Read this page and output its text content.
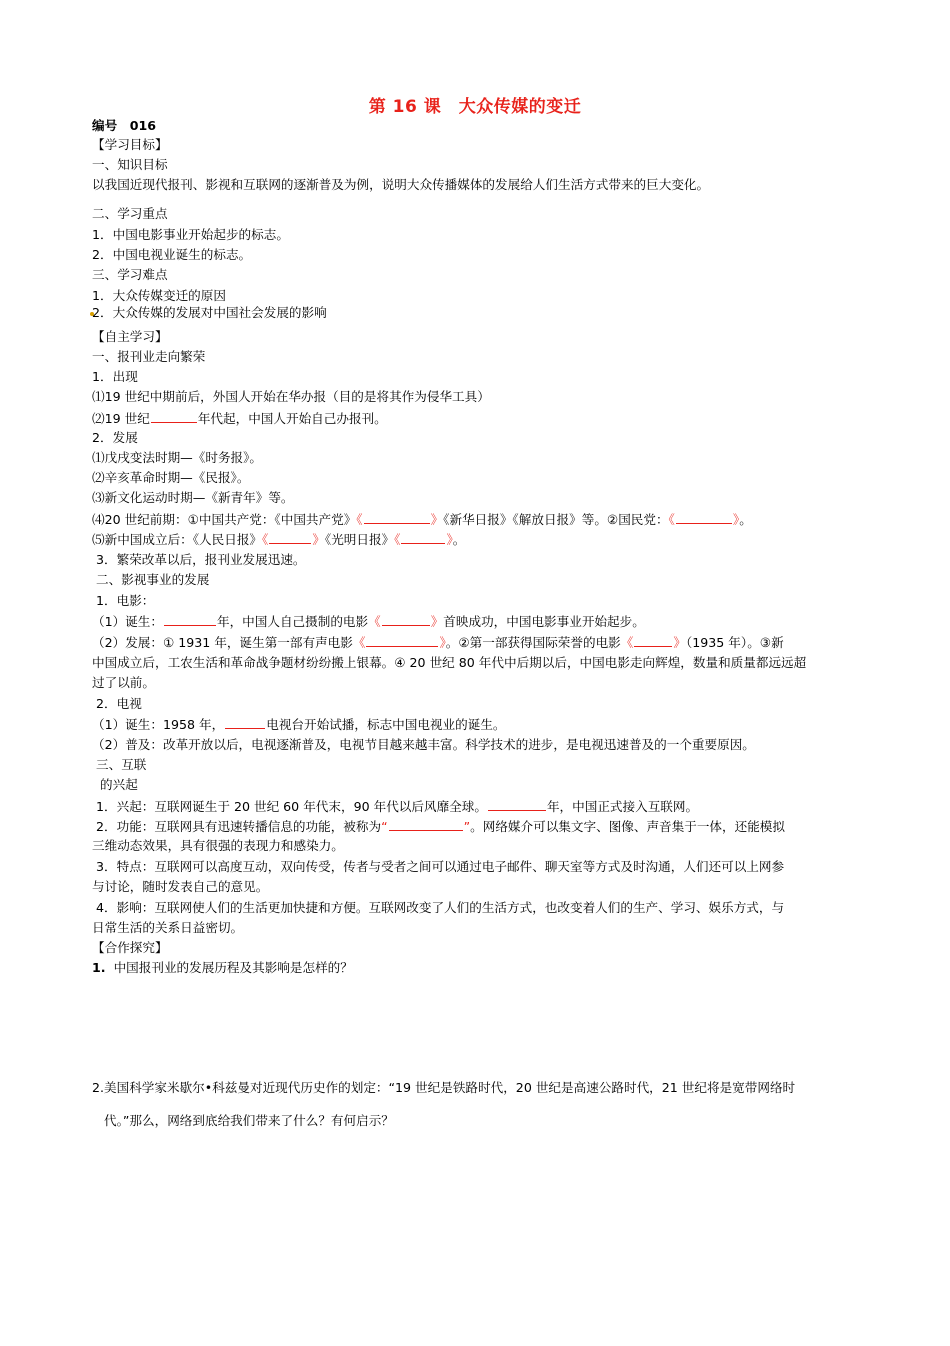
第 16 课　大众传媒的变迁
编号　016
【学习目标】
一、知识目标
以我国近现代报刊、影视和互联网的逐渐普及为例，说明大众传播媒体的发展给人们生活方式带来的巨大变化。
二、学习重点
1．中国电影事业开始起步的标志。
2．中国电视业诞生的标志。
三、学习难点
1．大众传媒变迁的原因
2．大众传媒的发展对中国社会发展的影响
【自主学习】
一、报刊业走向繁荣
1．出现
⑴19 世纪中期前后，外国人开始在华办报（目的是将其作为侵华工具）
⑵19 世纪	年代起，中国人开始自己办报刊。
2．发展
⑴戊戌变法时期—《时务报》。
⑵辛亥革命时期—《民报》。
⑶新文化运动时期—《新青年》等。
⑷20 世纪前期：①中国共产党：《中国共产党》《	》《新华日报》《解放日报》等。②国民党：《	》。
⑸新中国成立后：《人民日报》《	》《光明日报》《	》。
3．繁荣改革以后，报刊业发展迅速。
二、影视事业的发展
1．电影：
（1）诞生：	年，中国人自己摄制的电影《	》首映成功，中国电影事业开始起步。
（2）发展：① 1931 年，诞生第一部有声电影《	》。②第一部获得国际荣誉的电影《	》（1935 年）。③新
中国成立后，工农生活和革命战争题材纷纷搬上银幕。④ 20 世纪 80 年代中后期以后，中国电影走向辉煌，数量和质量都远远超
过了以前。
2．电视
（1）诞生：1958 年，	电视台开始试播，标志中国电视业的诞生。
（2）普及：改革开放以后，电视逐渐普及，电视节目越来越丰富。科学技术的进步，是电视迅速普及的一个重要原因。
三、互联
的兴起
1．兴起：互联网诞生于 20 世纪 60 年代末，90 年代以后风靡全球。	年，中国正式接入互联网。
2．功能：互联网具有迅速转播信息的功能，被称为“	”。网络媒介可以集文字、图像、声音集于一体，还能模拟
三维动态效果，具有很强的表现力和感染力。
3．特点：互联网可以高度互动，双向传受，传者与受者之间可以通过电子邮件、聊天室等方式及时沟通，人们还可以上网参
与讨论，随时发表自己的意见。
4．影响：互联网使人们的生活更加快捷和方便。互联网改变了人们的生活方式，也改变着人们的生产、学习、娱乐方式，与
日常生活的关系日益密切。
【合作探究】
1. 中国报刊业的发展历程及其影响是怎样的？
2.美国科学家米歇尔•科兹曼对近现代历史作的划定：“19 世纪是铁路时代，20 世纪是高速公路时代，21 世纪将是宽带网络时
代。”那么，网络到底给我们带来了什么？有何启示？
